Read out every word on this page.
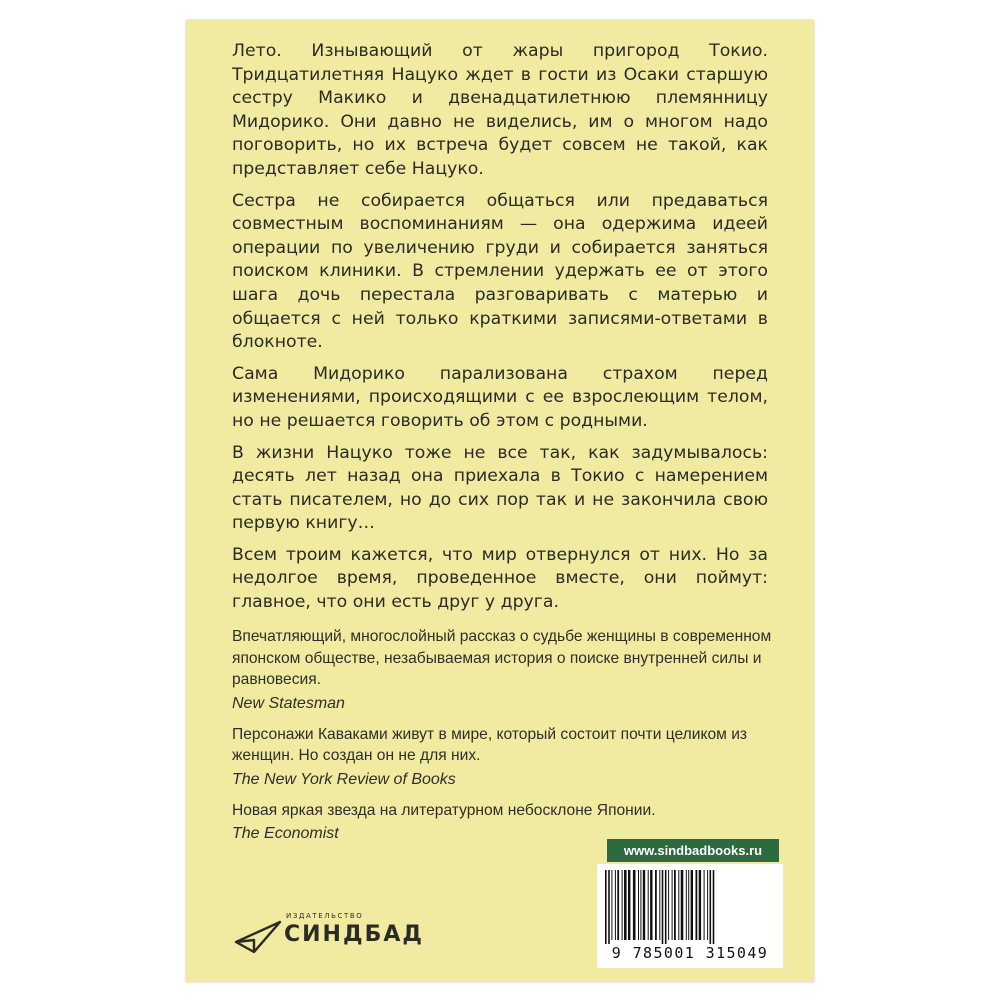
Лето. Изнывающий от жары пригород Токио. Тридцатилетняя Нацуко ждет в гости из Осаки старшую сестру Макико и двенадцатилетнюю племянницу Мидорико. Они давно не виделись, им о многом надо поговорить, но их встреча будет совсем не такой, как представляет себе Нацуко.

Сестра не собирается общаться или предаваться совместным воспоминаниям — она одержима идеей операции по увеличению груди и собирается заняться поиском клиники. В стремлении удержать ее от этого шага дочь перестала разговаривать с матерью и общается с ней только краткими записями-ответами в блокноте.

Сама Мидорико парализована страхом перед изменениями, происходящими с ее взрослеющим телом, но не решается говорить об этом с родными.

В жизни Нацуко тоже не все так, как задумывалось: десять лет назад она приехала в Токио с намерением стать писателем, но до сих пор так и не закончила свою первую книгу…

Всем троим кажется, что мир отвернулся от них. Но за недолгое время, проведенное вместе, они поймут: главное, что они есть друг у друга.

Впечатляющий, многослойный рассказ о судьбе женщины в современном японском обществе, незабываемая история о поиске внутренней силы и равновесия.

New Statesman

Персонажи Каваками живут в мире, который состоит почти целиком из женщин. Но создан он не для них.

The New York Review of Books

Новая яркая звезда на литературном небосклоне Японии.

The Economist

www.sindbadbooks.ru
9 785001 315049
ИЗДАТЕЛЬСТВО
СИНДБАД
